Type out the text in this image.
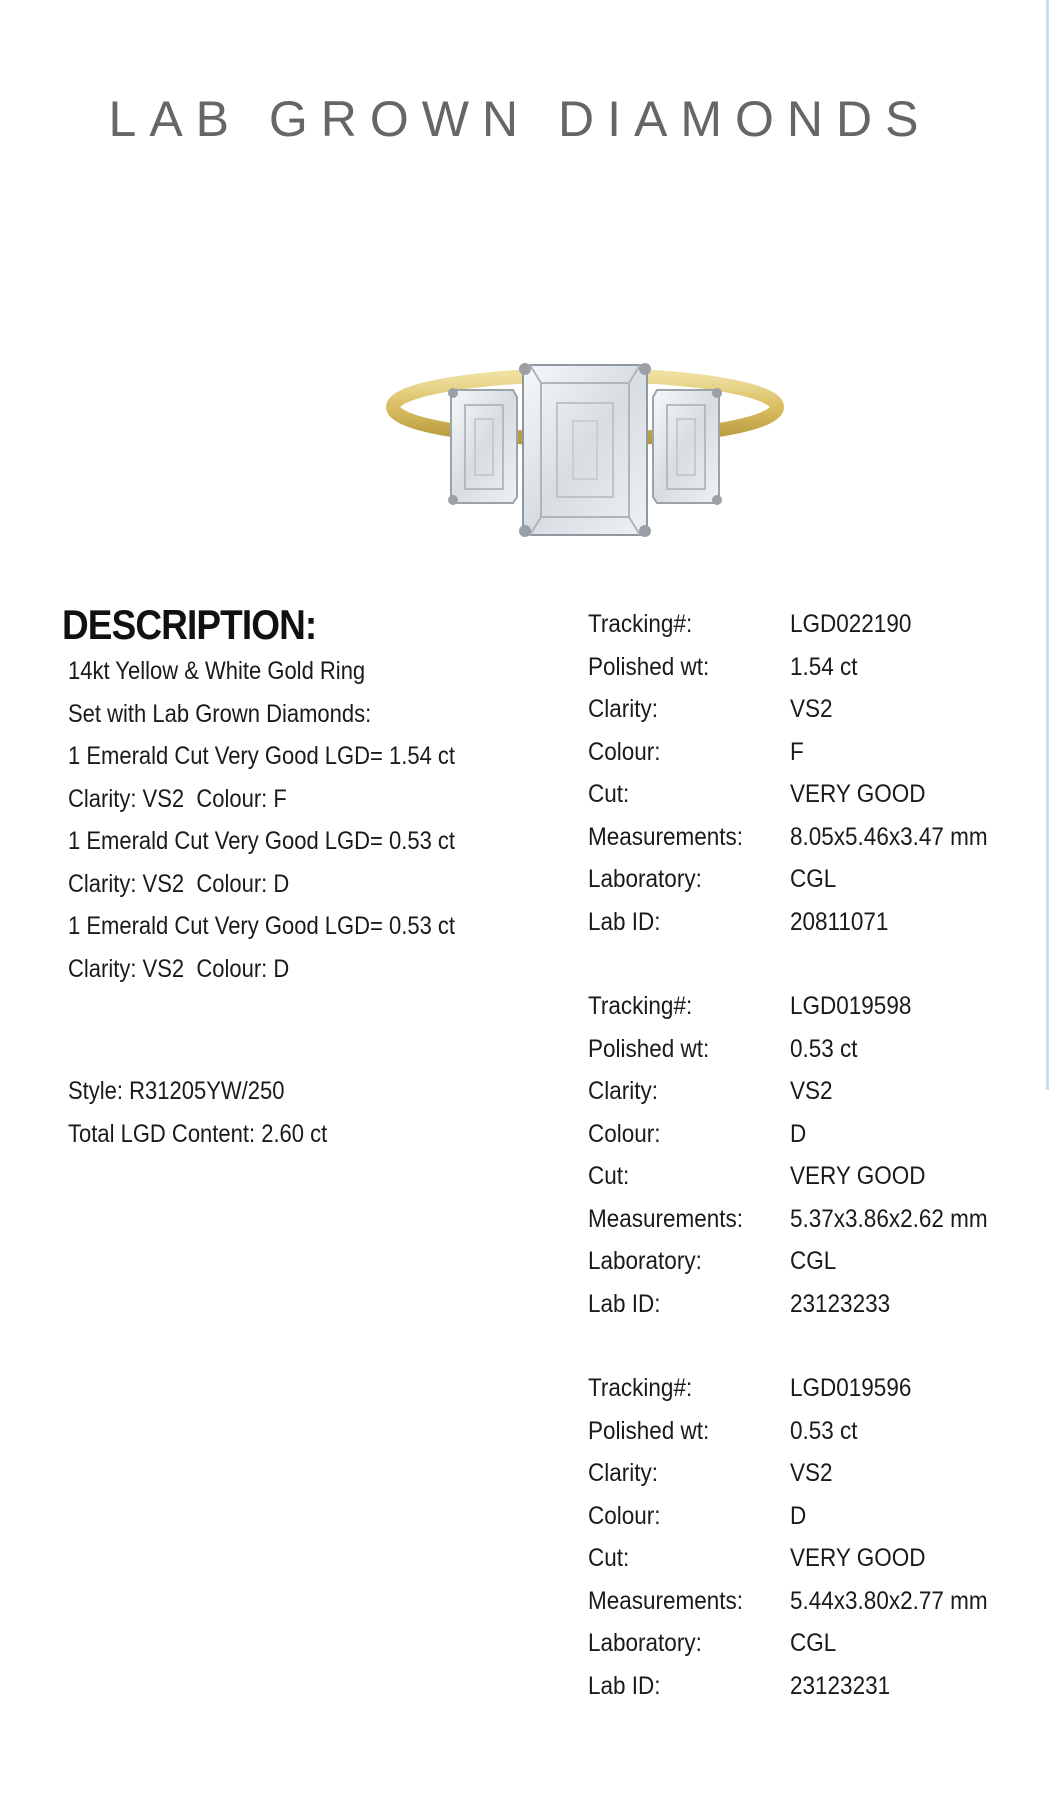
LAB GROWN DIAMONDS
DESCRIPTION:
14kt Yellow & White Gold Ring
Set with Lab Grown Diamonds:
1 Emerald Cut Very Good LGD= 1.54 ct
Clarity: VS2  Colour: F
1 Emerald Cut Very Good LGD= 0.53 ct
Clarity: VS2  Colour: D
1 Emerald Cut Very Good LGD= 0.53 ct
Clarity: VS2  Colour: D
Style: R31205YW/250
Total LGD Content: 2.60 ct
Tracking#:	LGD022190
Polished wt:	1.54 ct
Clarity:	VS2
Colour:	F
Cut:	VERY GOOD
Measurements:	8.05x5.46x3.47 mm
Laboratory:	CGL
Lab ID:	20811071
Tracking#:	LGD019598
Polished wt:	0.53 ct
Clarity:	VS2
Colour:	D
Cut:	VERY GOOD
Measurements:	5.37x3.86x2.62 mm
Laboratory:	CGL
Lab ID:	23123233
Tracking#:	LGD019596
Polished wt:	0.53 ct
Clarity:	VS2
Colour:	D
Cut:	VERY GOOD
Measurements:	5.44x3.80x2.77 mm
Laboratory:	CGL
Lab ID:	23123231
